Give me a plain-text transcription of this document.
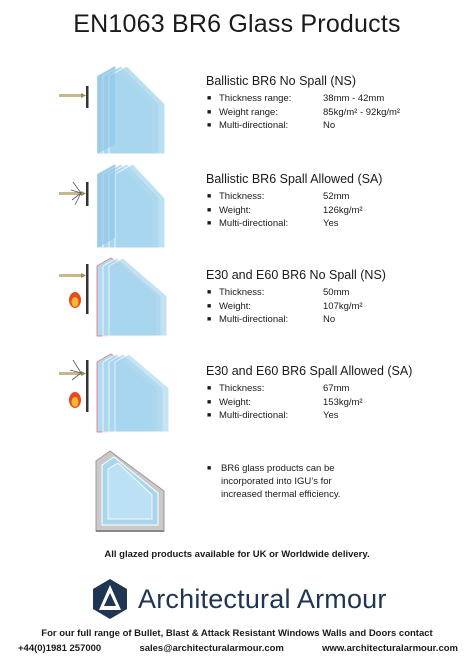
EN1063 BR6 Glass Products
Ballistic BR6 No Spall (NS)
■ Thickness range:	38mm - 42mm
■ Weight range:	85kg/m² - 92kg/m²
■ Multi-directional:	No
Ballistic BR6 Spall Allowed (SA)
■ Thickness:	52mm
■ Weight:	126kg/m²
■ Multi-directional:	Yes
E30 and E60 BR6 No Spall (NS)
■ Thickness:	50mm
■ Weight:	107kg/m²
■ Multi-directional:	No
E30 and E60 BR6 Spall Allowed (SA)
■ Thickness:	67mm
■ Weight:	153kg/m²
■ Multi-directional:	Yes
■	BR6 glass products can be incorporated into IGU’s for increased thermal efficiency.
All glazed products available for UK or Worldwide delivery.
Architectural Armour
For our full range of Bullet, Blast & Attack Resistant Windows Walls and Doors contact
+44(0)1981 257000	sales@architecturalarmour.com	www.architecturalarmour.com
